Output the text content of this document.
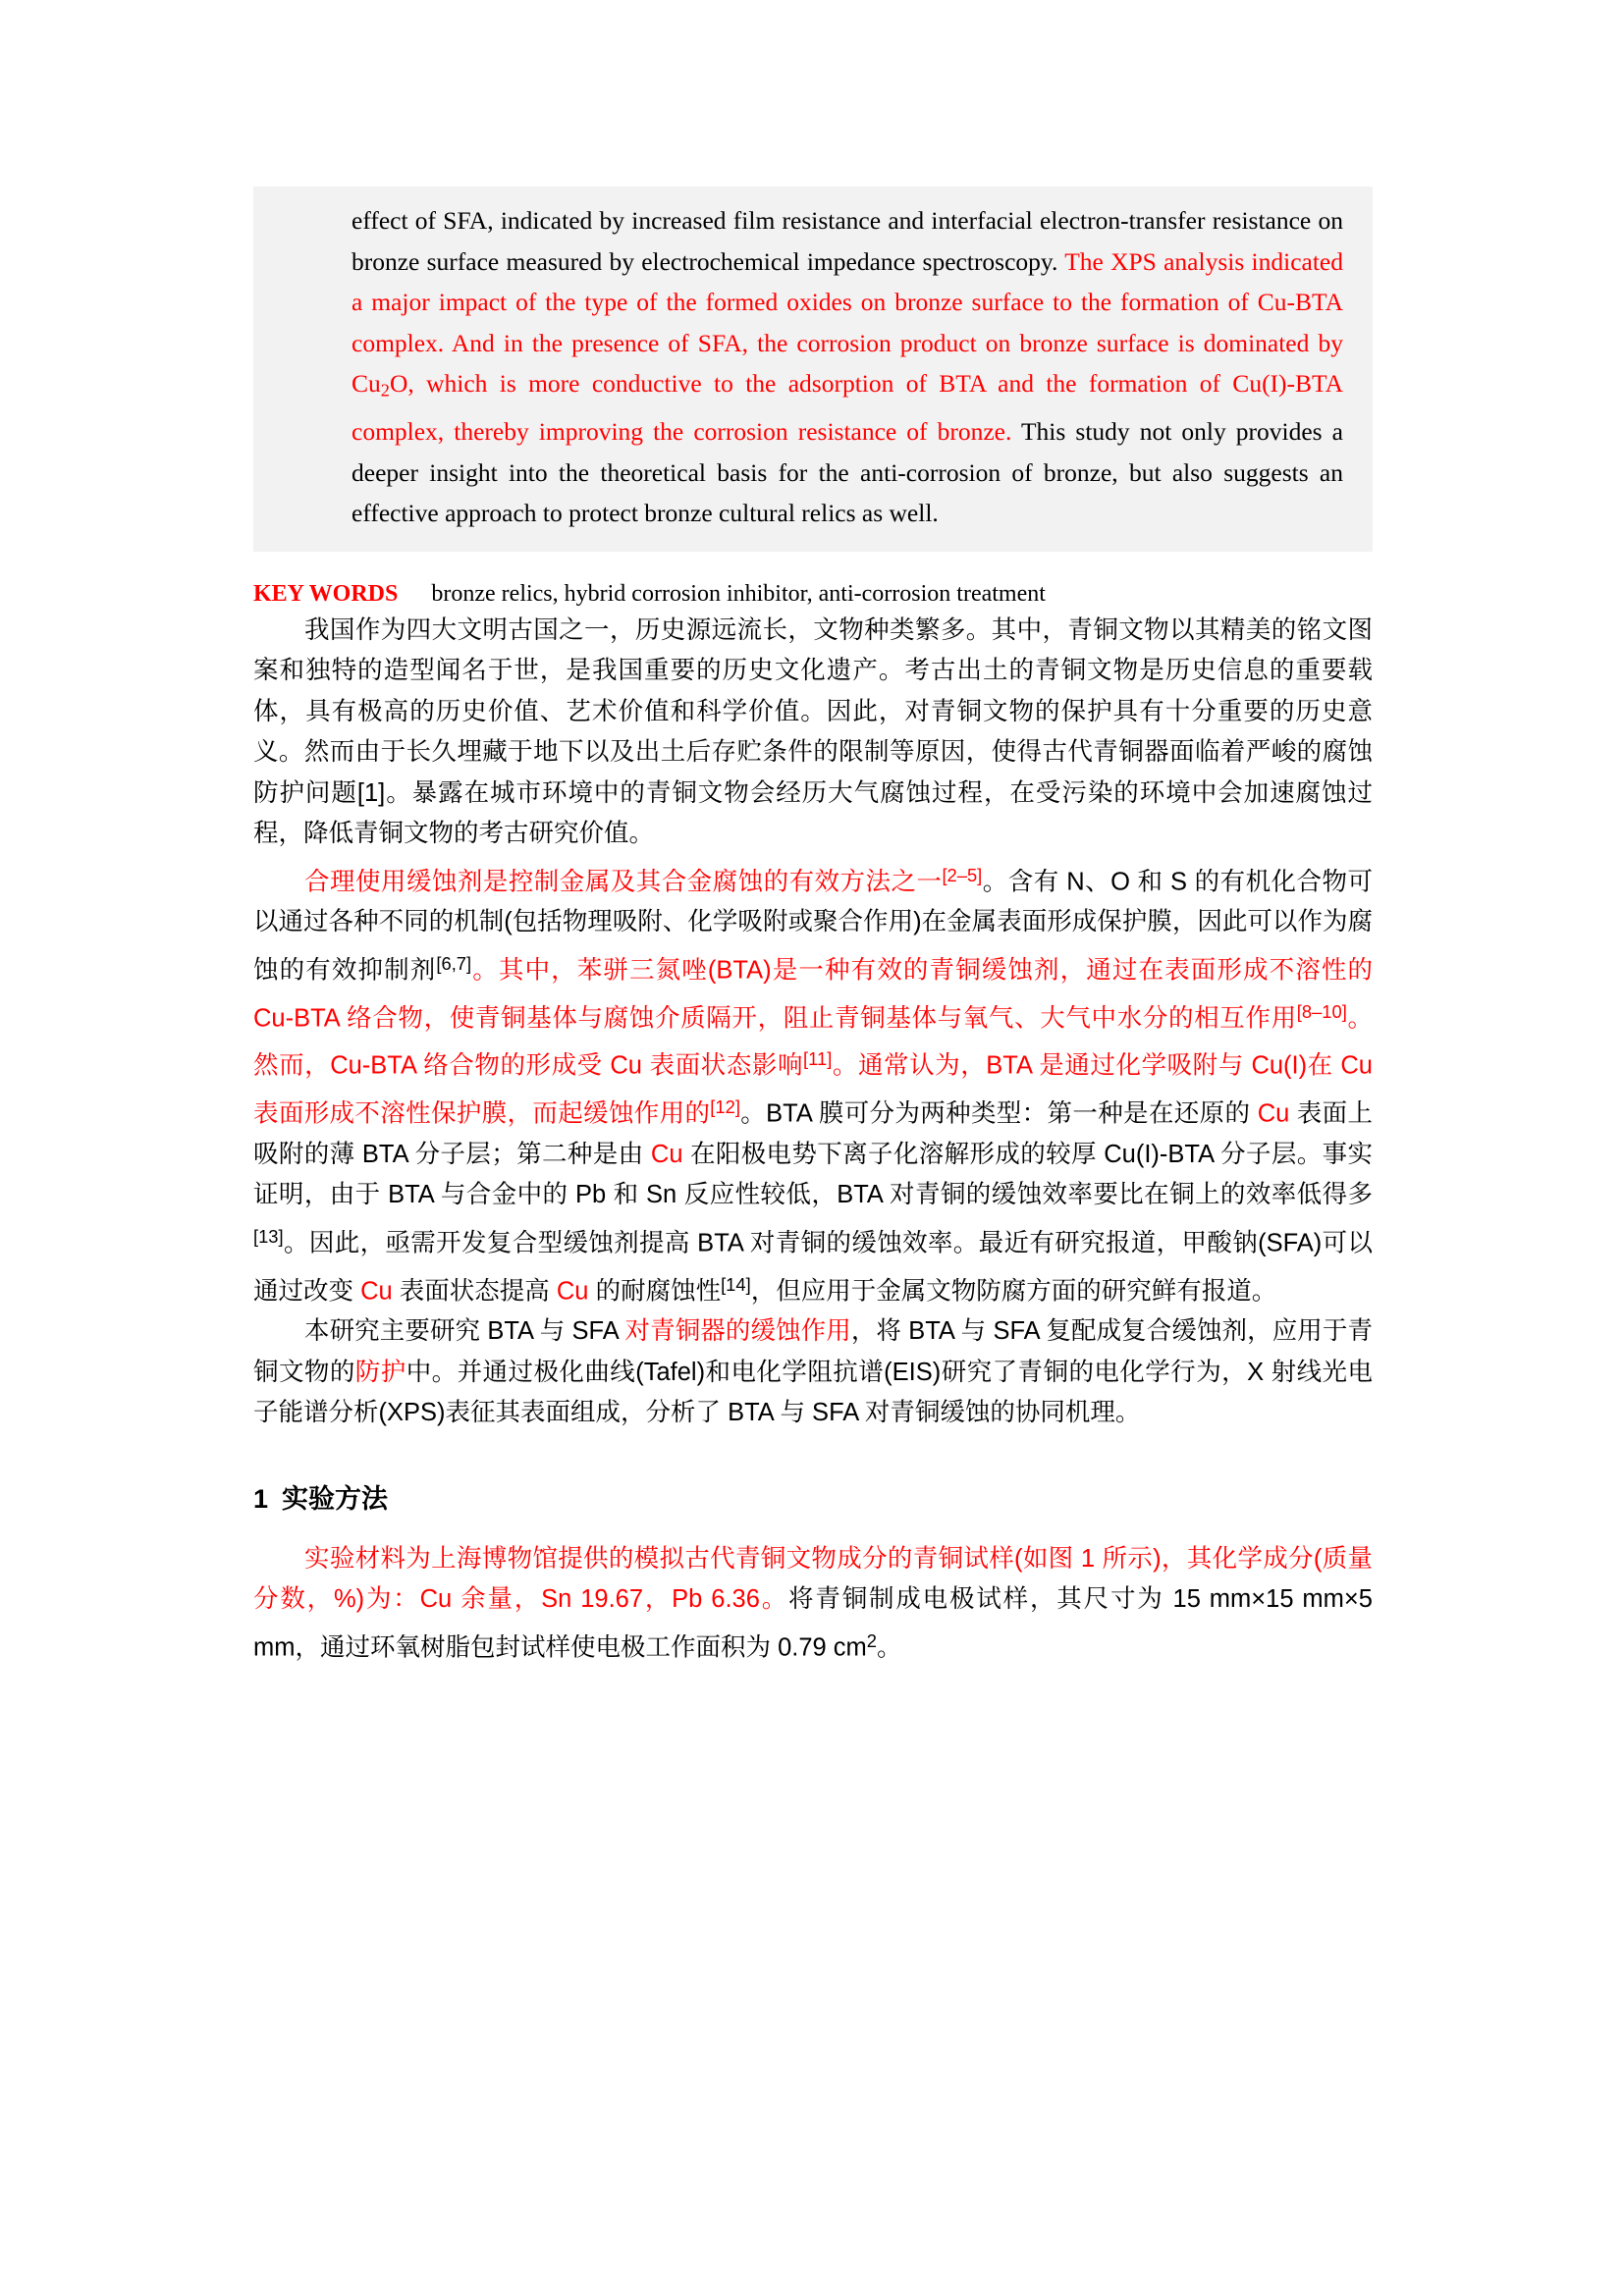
effect of SFA, indicated by increased film resistance and interfacial electron-transfer resistance on bronze surface measured by electrochemical impedance spectroscopy. The XPS analysis indicated a major impact of the type of the formed oxides on bronze surface to the formation of Cu-BTA complex. And in the presence of SFA, the corrosion product on bronze surface is dominated by $Cu_2O$, which is more conductive to the adsorption of BTA and the formation of Cu(I)-BTA complex, thereby improving the corrosion resistance of bronze. This study not only provides a deeper insight into the theoretical basis for the anti-corrosion of bronze, but also suggests an effective approach to protect bronze cultural relics as well.

KEY WORDS bronze relics, hybrid corrosion inhibitor, anti-corrosion treatment

我国作为四大文明古国之一，历史源远流长，文物种类繁多。其中，青铜文物以其精美的铭文图案和独特的造型闻名于世，是我国重要的历史文化遗产。考古出土的青铜文物是历史信息的重要载体，具有极高的历史价值、艺术价值和科学价值。因此，对青铜文物的保护具有十分重要的历史意义。然而由于长久埋藏于地下以及出土后存贮条件的限制等原因，使得古代青铜器面临着严峻的腐蚀防护问题[1]。暴露在城市环境中的青铜文物会经历大气腐蚀过程，在受污染的环境中会加速腐蚀过程，降低青铜文物的考古研究价值。

合理使用缓蚀剂是控制金属及其合金腐蚀的有效方法之一[2–5]。含有 N、O 和 S 的有机化合物可以通过各种不同的机制(包括物理吸附、化学吸附或聚合作用)在金属表面形成保护膜，因此可以作为腐蚀的有效抑制剂[6,7]。其中，苯骈三氮唑(BTA)是一种有效的青铜缓蚀剂，通过在表面形成不溶性的 Cu-BTA 络合物，使青铜基体与腐蚀介质隔开，阻止青铜基体与氧气、大气中水分的相互作用[8–10]。然而，Cu-BTA 络合物的形成受 Cu 表面状态影响[11]。通常认为，BTA 是通过化学吸附与 Cu(I)在 Cu 表面形成不溶性保护膜，而起缓蚀作用的[12]。BTA 膜可分为两种类型：第一种是在还原的 Cu 表面上吸附的薄 BTA 分子层；第二种是由 Cu 在阳极电势下离子化溶解形成的较厚 Cu(I)-BTA 分子层。事实证明，由于 BTA 与合金中的 Pb 和 Sn 反应性较低，BTA 对青铜的缓蚀效率要比在铜上的效率低得多[13]。因此，亟需开发复合型缓蚀剂提高 BTA 对青铜的缓蚀效率。最近有研究报道，甲酸钠(SFA)可以通过改变 Cu 表面状态提高 Cu 的耐腐蚀性[14]，但应用于金属文物防腐方面的研究鲜有报道。

本研究主要研究 BTA 与 SFA 对青铜器的缓蚀作用，将 BTA 与 SFA 复配成复合缓蚀剂，应用于青铜文物的防护中。并通过极化曲线(Tafel)和电化学阻抗谱(EIS)研究了青铜的电化学行为，X 射线光电子能谱分析(XPS)表征其表面组成，分析了 BTA 与 SFA 对青铜缓蚀的协同机理。

1 实验方法

实验材料为上海博物馆提供的模拟古代青铜文物成分的青铜试样(如图 1 所示)，其化学成分(质量分数，%)为：Cu 余量，Sn 19.67，Pb 6.36。将青铜制成电极试样，其尺寸为 15 mm×15 mm×5 mm，通过环氧树脂包封试样使电极工作面积为 0.79 $cm^2$。
